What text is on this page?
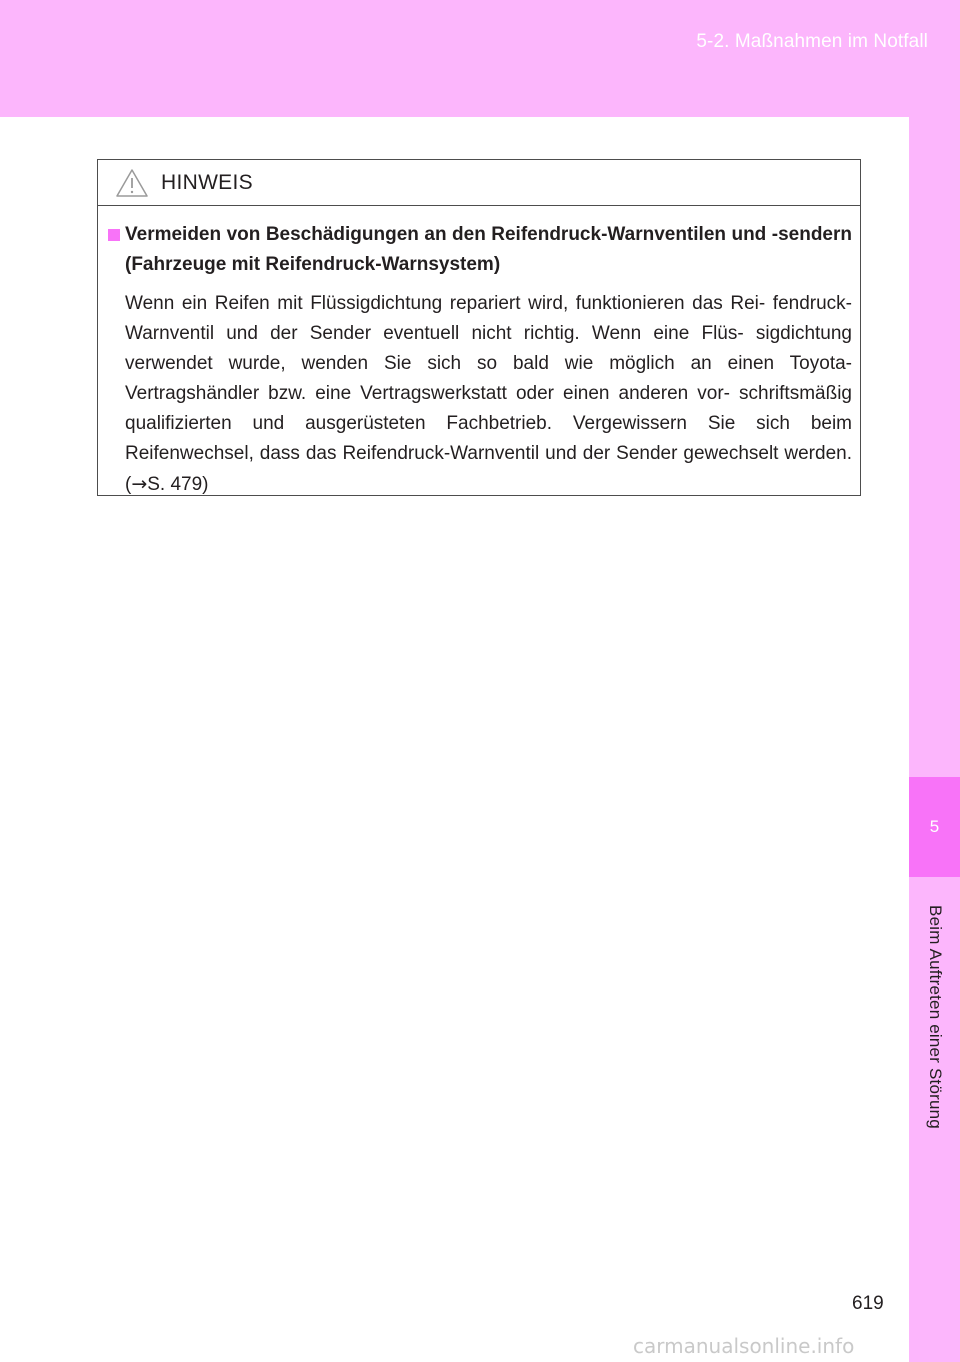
5-2. Maßnahmen im Notfall
5
Beim Auftreten einer Störung
HINWEIS
Vermeiden von Beschädigungen an den Reifendruck-Warnventilen und -sendern (Fahrzeuge mit Reifendruck-Warnsystem)
Wenn ein Reifen mit Flüssigdichtung repariert wird, funktionieren das Rei- fendruck-Warnventil und der Sender eventuell nicht richtig. Wenn eine Flüs- sigdichtung verwendet wurde, wenden Sie sich so bald wie möglich an einen Toyota-Vertragshändler bzw. eine Vertragswerkstatt oder einen anderen vor- schriftsmäßig qualifizierten und ausgerüsteten Fachbetrieb. Vergewissern Sie sich beim Reifenwechsel, dass das Reifendruck-Warnventil und der Sender gewechselt werden. (→S. 479)
619
carmanualsonline.info
